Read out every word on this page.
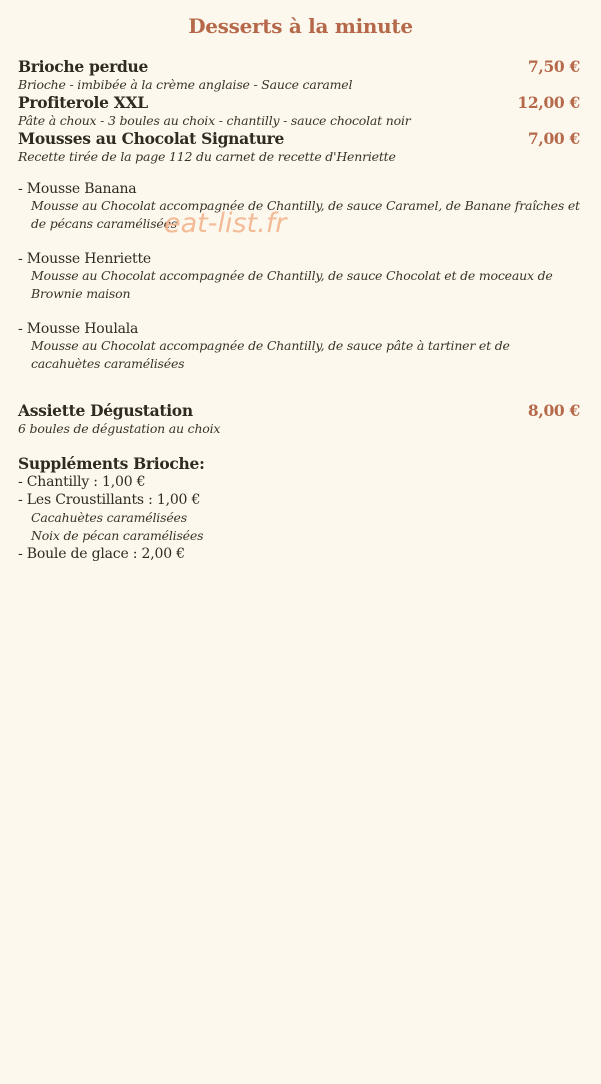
Desserts à la minute
Brioche perdue	7,50 €
Brioche - imbibée à la crème anglaise - Sauce caramel
Profiterole XXL	12,00 €
Pâte à choux - 3 boules au choix - chantilly - sauce chocolat noir
Mousses au Chocolat Signature	7,00 €
Recette tirée de la page 112 du carnet de recette d'Henriette
- Mousse Banana
Mousse au Chocolat accompagnée de Chantilly, de sauce Caramel, de Banane fraîches et de pécans caramélisées
- Mousse Henriette
Mousse au Chocolat accompagnée de Chantilly, de sauce Chocolat et de moceaux de Brownie maison
- Mousse Houlala
Mousse au Chocolat accompagnée de Chantilly, de sauce pâte à tartiner et de cacahuètes caramélisées
Assiette Dégustation	8,00 €
6 boules de dégustation au choix
Suppléments Brioche:
- Chantilly : 1,00 €
- Les Croustillants : 1,00 €
Cacahuètes caramélisées
Noix de pécan caramélisées
- Boule de glace : 2,00 €
eat-list.fr
